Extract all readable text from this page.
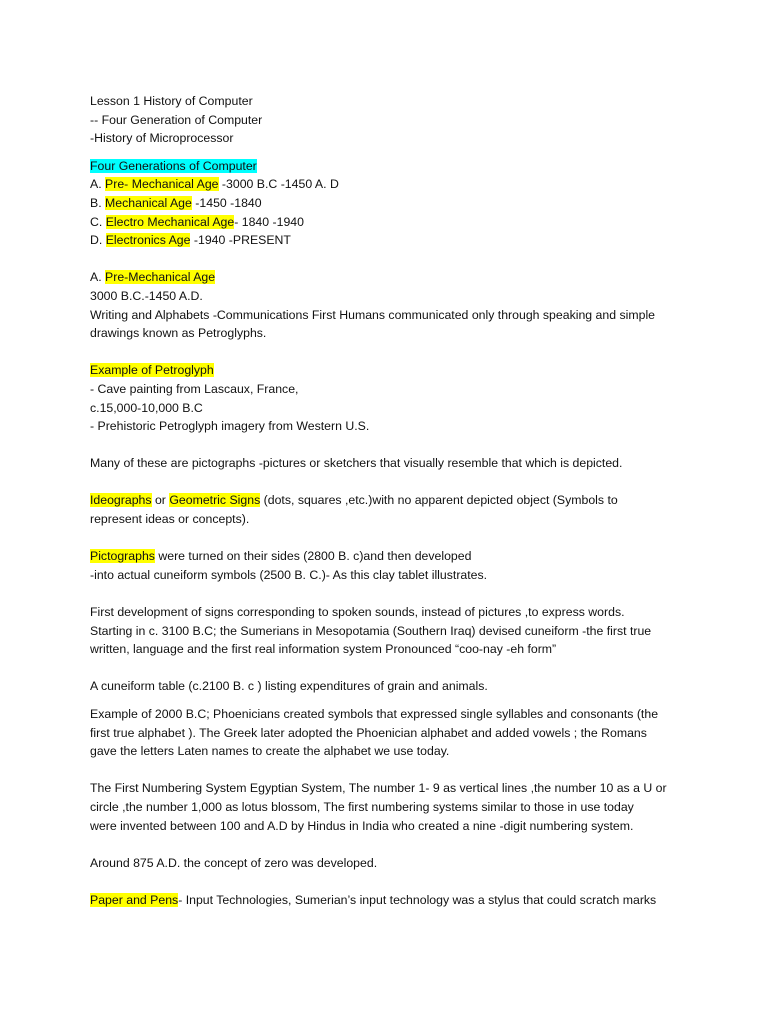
Lesson 1 History of Computer
-- Four Generation of Computer
-History of Microprocessor
Four Generations of Computer
A. Pre- Mechanical Age -3000 B.C -1450 A. D
B. Mechanical Age -1450 -1840
C. Electro Mechanical Age- 1840 -1940
D. Electronics Age -1940 -PRESENT
A. Pre-Mechanical Age
3000 B.C.-1450 A.D.
Writing and Alphabets -Communications First Humans communicated only through speaking and simple
drawings known as Petroglyphs.
Example of Petroglyph
- Cave painting from Lascaux, France,
c.15,000-10,000 B.C
- Prehistoric Petroglyph imagery from Western U.S.
Many of these are pictographs -pictures or sketchers that visually resemble that which is depicted.
Ideographs or Geometric Signs (dots, squares ,etc.)with no apparent depicted object (Symbols to
represent ideas or concepts).
Pictographs were turned on their sides (2800 B. c)and then developed
-into actual cuneiform symbols (2500 B. C.)- As this clay tablet illustrates.
First development of signs corresponding to spoken sounds, instead of pictures ,to express words.
Starting in c. 3100 B.C; the Sumerians in Mesopotamia (Southern Iraq) devised cuneiform -the first true
written, language and the first real information system Pronounced “coo-nay -eh form”
A cuneiform table (c.2100 B. c ) listing expenditures of grain and animals.
Example of 2000 B.C; Phoenicians created symbols that expressed single syllables and consonants (the
first true alphabet ). The Greek later adopted the Phoenician alphabet and added vowels ; the Romans
gave the letters Laten names to create the alphabet we use today.
The First Numbering System Egyptian System, The number 1- 9 as vertical lines ,the number 10 as a U or
circle ,the number 1,000 as lotus blossom, The first numbering systems similar to those in use today
were invented between 100 and A.D by Hindus in India who created a nine -digit numbering system.
Around 875 A.D. the concept of zero was developed.
Paper and Pens- Input Technologies, Sumerian’s input technology was a stylus that could scratch marks
